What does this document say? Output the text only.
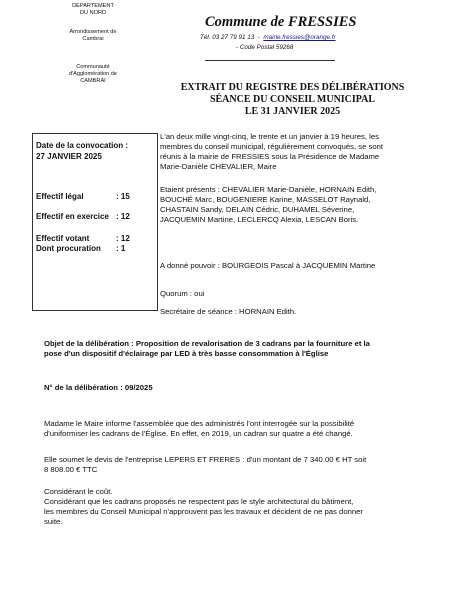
DEPARTEMENT
DU NORD
Arrondissement de
Cambrai
Communauté
d'Agglomération de
CAMBRAI
Commune de FRESSIES
Tél. 03 27 79 91 13 - mairie.fressies@orange.fr
- Code Postal 59268
EXTRAIT DU REGISTRE DES DÉLIBÉRATIONS
SÉANCE DU CONSEIL MUNICIPAL
LE 31 JANVIER 2025
Date de la convocation :
27 JANVIER 2025
Effectif légal	: 15
Effectif en exercice : 12
Effectif votant	: 12
Dont procuration : 1
L'an deux mille vingt-cinq, le trente et un janvier à 19 heures, les
membres du conseil municipal, régulièrement convoqués, se sont
réunis à la mairie de FRESSIES sous la Présidence de Madame
Marie-Danièle CHEVALIER, Maire
Etaient présents : CHEVALIER Marie-Danièle, HORNAIN Edith,
BOUCHÉ Marc, BOUGENIERE Karine, MASSELOT Raynald,
CHASTAIN Sandy, DELAIN Cédric, DUHAMEL Séverine,
JACQUEMIN Martine, LECLERCQ Alexia, LESCAN Boris.
A donné pouvoir : BOURGEOIS Pascal à JACQUEMIN Martine
Quorum : oui
Secrétaire de séance : HORNAIN Edith.
Objet de la délibération : Proposition de revalorisation de 3 cadrans par la fourniture et la
pose d'un dispositif d'éclairage par LED à très basse consommation à l'Église
N° de la délibération : 09/2025
Madame le Maire informe l'assemblée que des administrés l'ont interrogée sur la possibilité
d'uniformiser les cadrans de l'Église. En effet, en 2019, un cadran sur quatre a été changé.
Elle soumet le devis de l'entreprise LEPERS ET FRERES : d'un montant de 7 340.00 € HT soit
8 808.00 € TTC
Considérant le coût.
Considérant que les cadrans proposés ne respectent pas le style architectural du bâtiment,
les membres du Conseil Municipal n'approuvent pas les travaux et décident de ne pas donner
suite.
